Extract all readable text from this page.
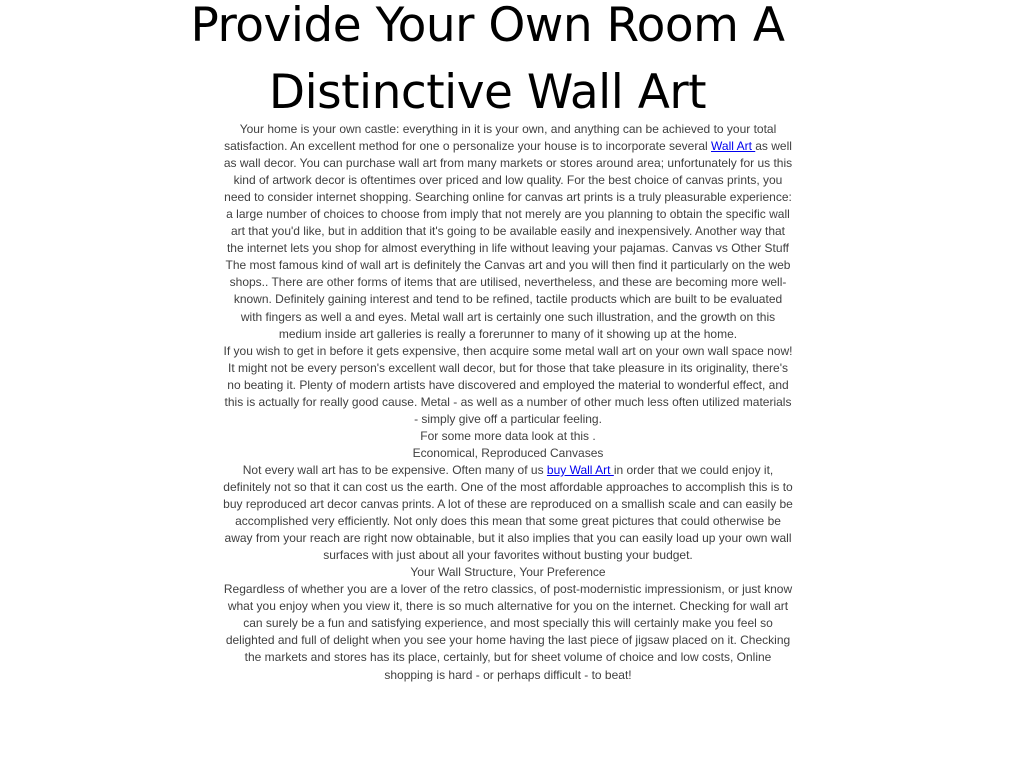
Provide Your Own Room A
Distinctive Wall Art

Your home is your own castle: everything in it is your own, and anything can be achieved to your total satisfaction. An excellent method for one o personalize your house is to incorporate several Wall Art as well as wall decor. You can purchase wall art from many markets or stores around area; unfortunately for us this kind of artwork decor is oftentimes over priced and low quality. For the best choice of canvas prints, you need to consider internet shopping. Searching online for canvas art prints is a truly pleasurable experience: a large number of choices to choose from imply that not merely are you planning to obtain the specific wall art that you'd like, but in addition that it's going to be available easily and inexpensively. Another way that the internet lets you shop for almost everything in life without leaving your pajamas. Canvas vs Other Stuff

The most famous kind of wall art is definitely the Canvas art and you will then find it particularly on the web shops.. There are other forms of items that are utilised, nevertheless, and these are becoming more well-known. Definitely gaining interest and tend to be refined, tactile products which are built to be evaluated with fingers as well a and eyes. Metal wall art is certainly one such illustration, and the growth on this medium inside art galleries is really a forerunner to many of it showing up at the home.

If you wish to get in before it gets expensive, then acquire some metal wall art on your own wall space now! It might not be every person's excellent wall decor, but for those that take pleasure in its originality, there's no beating it. Plenty of modern artists have discovered and employed the material to wonderful effect, and this is actually for really good cause. Metal - as well as a number of other much less often utilized materials - simply give off a particular feeling.

For some more data look at this .

Economical, Reproduced Canvases

Not every wall art has to be expensive. Often many of us buy Wall Art in order that we could enjoy it, definitely not so that it can cost us the earth. One of the most affordable approaches to accomplish this is to buy reproduced art decor canvas prints. A lot of these are reproduced on a smallish scale and can easily be accomplished very efficiently. Not only does this mean that some great pictures that could otherwise be away from your reach are right now obtainable, but it also implies that you can easily load up your own wall surfaces with just about all your favorites without busting your budget.

Your Wall Structure, Your Preference

Regardless of whether you are a lover of the retro classics, of post-modernistic impressionism, or just know what you enjoy when you view it, there is so much alternative for you on the internet. Checking for wall art can surely be a fun and satisfying experience, and most specially this will certainly make you feel so delighted and full of delight when you see your home having the last piece of jigsaw placed on it. Checking the markets and stores has its place, certainly, but for sheet volume of choice and low costs, Online shopping is hard - or perhaps difficult - to beat!
